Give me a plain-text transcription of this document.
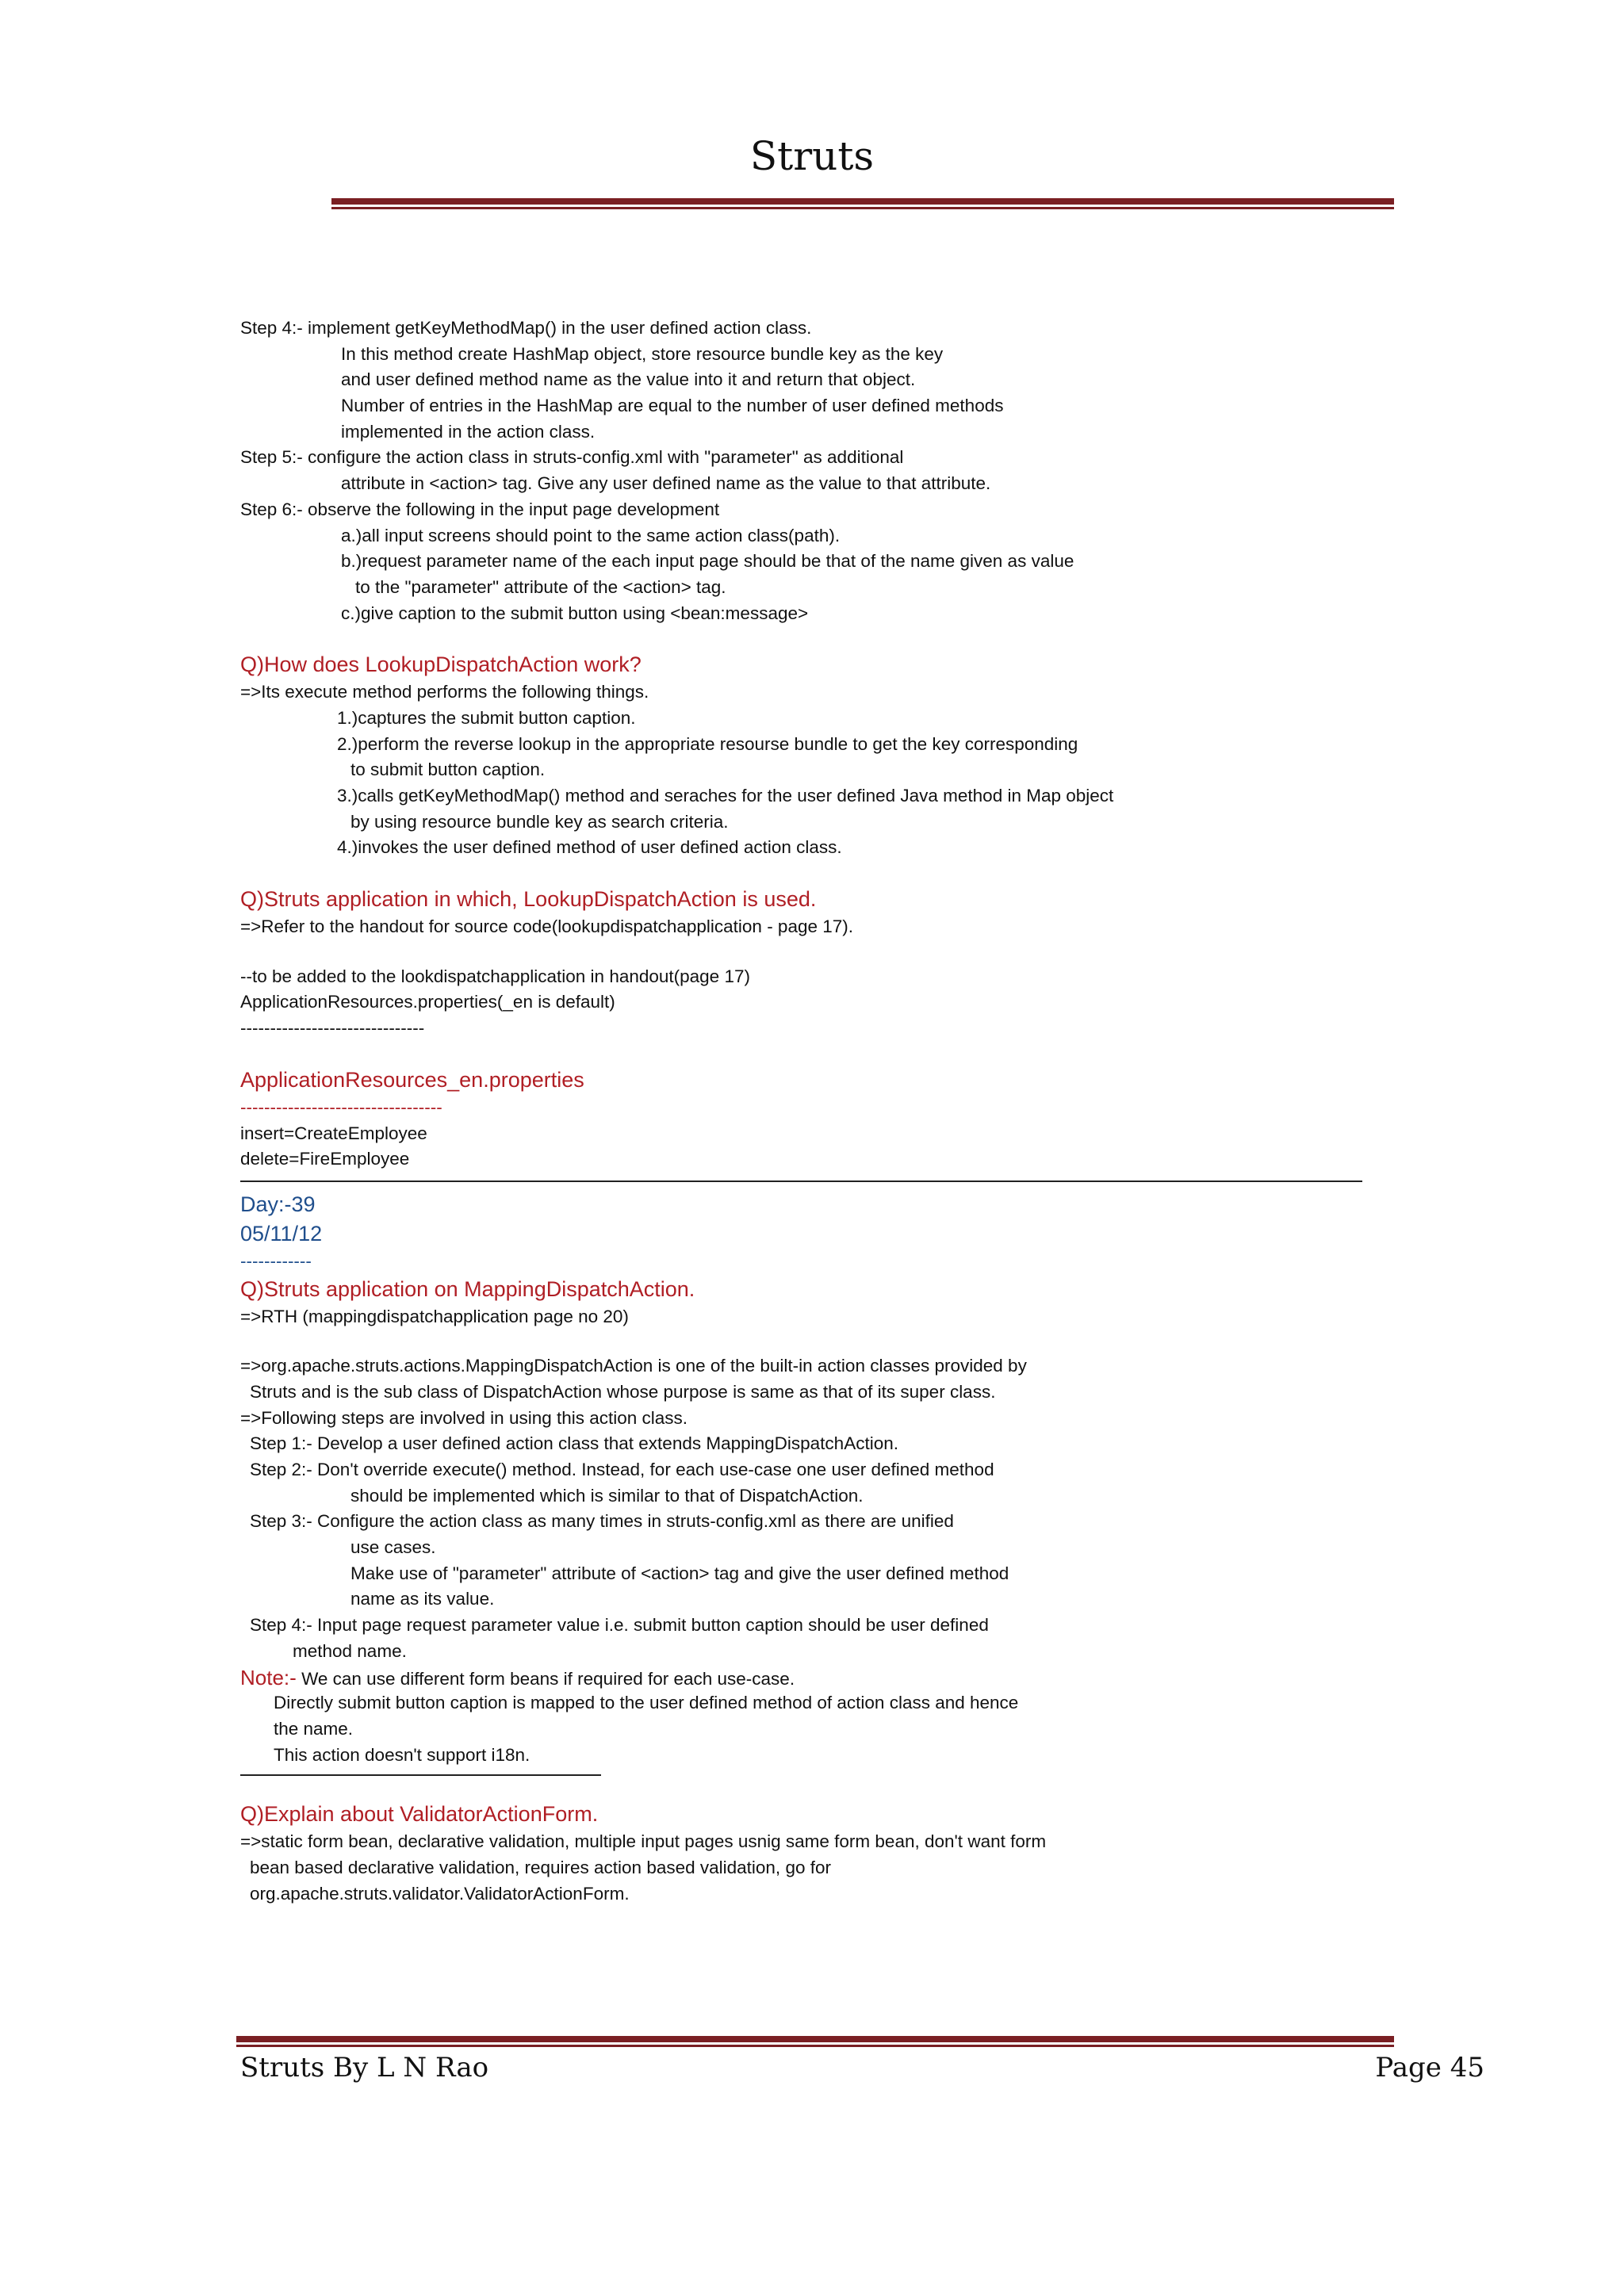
Struts
Step 4:- implement getKeyMethodMap() in the user defined action class.
In this method create HashMap object, store resource bundle key as the key
and user defined method name as the value into it and return that object.
Number of entries in the HashMap are equal to the number of user defined methods
implemented in the action class.
Step 5:- configure the action class in struts-config.xml with "parameter" as additional
attribute in <action> tag. Give any user defined name as the value to that attribute.
Step 6:- observe the following in the input page development
a.)all input screens should point to the same action class(path).
b.)request parameter name of the each input page should be that of the name given as value
to the "parameter" attribute of the <action> tag.
c.)give caption to the submit button using <bean:message>
Q)How does LookupDispatchAction work?
=>Its execute method performs the following things.
1.)captures the submit button caption.
2.)perform the reverse lookup in the appropriate resourse bundle to get the key corresponding
to submit button caption.
3.)calls getKeyMethodMap() method and seraches for the user defined Java method in Map object
by using resource bundle key as search criteria.
4.)invokes the user defined method of user defined action class.
Q)Struts application in which, LookupDispatchAction is used.
=>Refer to the handout for source code(lookupdispatchapplication - page 17).
--to be added to the lookdispatchapplication in handout(page 17)
ApplicationResources.properties(_en is default)
-------------------------------
ApplicationResources_en.properties
----------------------------------
insert=CreateEmployee
delete=FireEmployee
Day:-39
05/11/12
------------
Q)Struts application on MappingDispatchAction.
=>RTH (mappingdispatchapplication page no 20)
=>org.apache.struts.actions.MappingDispatchAction is one of the built-in action classes provided by
Struts and is the sub class of DispatchAction whose purpose is same as that of its super class.
=>Following steps are involved in using this action class.
Step 1:- Develop a user defined action class that extends MappingDispatchAction.
Step 2:- Don't override execute() method. Instead, for each use-case one user defined method
should be implemented which is similar to that of DispatchAction.
Step 3:- Configure the action class as many times in struts-config.xml as there are unified
use cases.
Make use of "parameter" attribute of <action> tag and give the user defined method
name as its value.
Step 4:- Input page request parameter value i.e. submit button caption should be user defined
method name.
Note:- We can use different form beans if required for each use-case.
Directly submit button caption is mapped to the user defined method of action class and hence
the name.
This action doesn't support i18n.
Q)Explain about ValidatorActionForm.
=>static form bean, declarative validation, multiple input pages usnig same form bean, don't want form
bean based declarative validation, requires action based validation, go for
org.apache.struts.validator.ValidatorActionForm.
Struts By L N Rao	Page 45
